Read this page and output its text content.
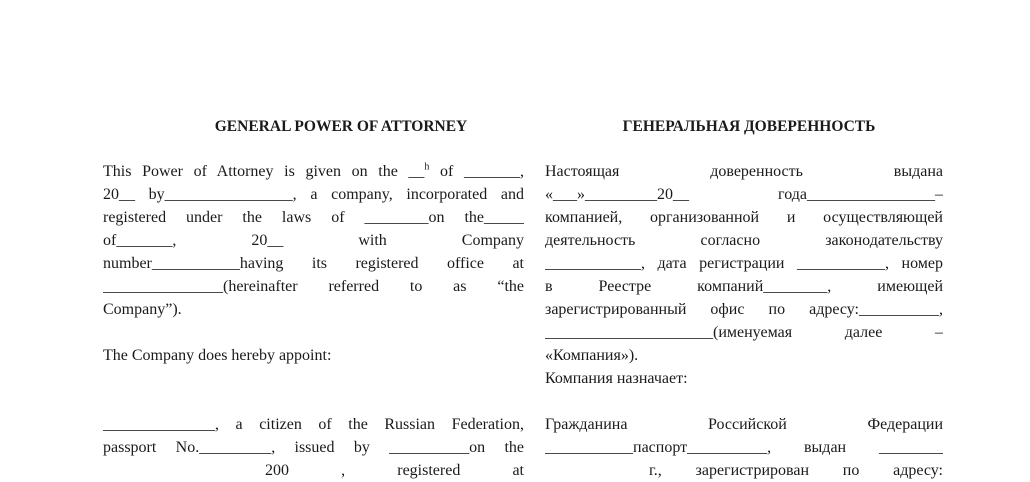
GENERAL POWER OF ATTORNEY
This Power of Attorney is given on the __$^h$ of _______,
20__ by________________, a company, incorporated and
registered under the laws of ________on the_____
of_______, 20__ with Company
number___________having its registered office at
_______________(hereinafter referred to as “the
Company”).
The Company does hereby appoint:
______________, a citizen of the Russian Federation,
passport No._________, issued by __________on the
200 , registered at
ГЕНЕРАЛЬНАЯ ДОВЕРЕННОСТЬ
Настоящая доверенность выдана
«___»_________20__ года________________–
компанией, организованной и осуществляющей
деятельность согласно законодательству
____________, дата регистрации ___________, номер
в Реестре компаний________, имеющей
зарегистрированный офис по адресу:__________,
_____________________(именуемая далее –
«Компания»).
Компания назначает:
Гражданина Российской Федерации
___________паспорт__________, выдан ________
г., зарегистрирован по адресу:
